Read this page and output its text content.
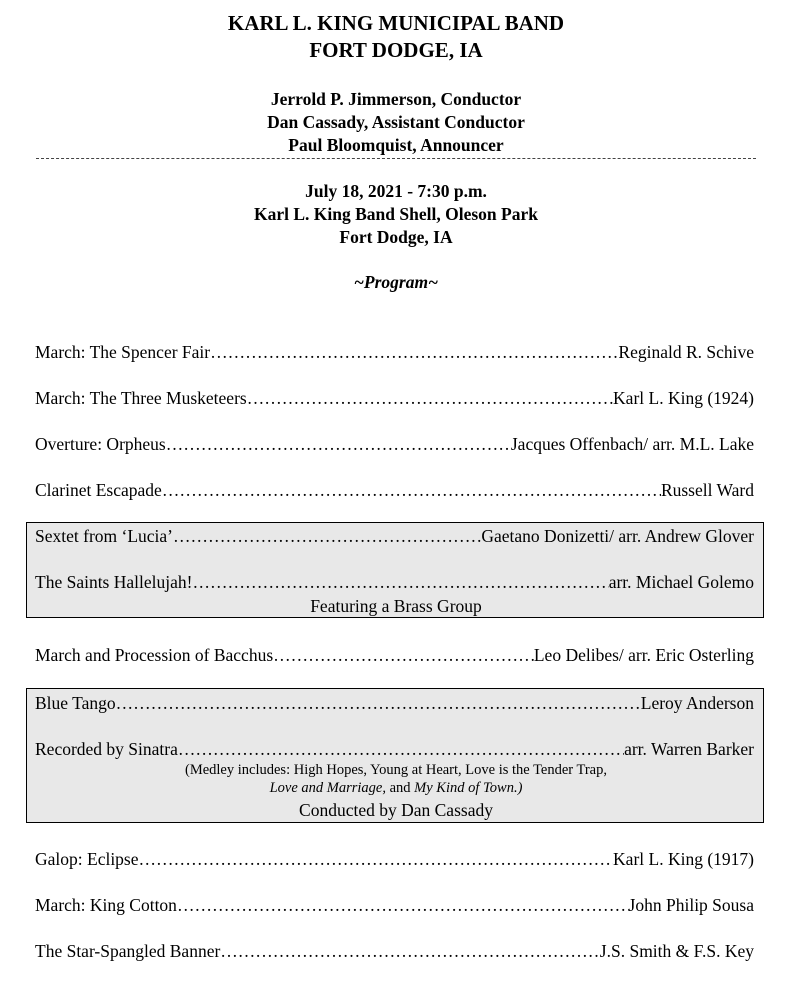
KARL L. KING MUNICIPAL BAND
FORT DODGE, IA
Jerrold P. Jimmerson, Conductor
Dan Cassady, Assistant Conductor
Paul Bloomquist, Announcer
July 18, 2021 - 7:30 p.m.
Karl L. King Band Shell, Oleson Park
Fort Dodge, IA
~Program~
March: The Spencer Fair ……………………………………………………………………………………………………………………………	Reginald R. Schive
March: The Three Musketeers ……………………………………………………………………………………………………………………………	Karl L. King (1924)
Overture: Orpheus ……………………………………………………………………………………………………………………………	Jacques Offenbach/ arr. M.L. Lake
Clarinet Escapade ……………………………………………………………………………………………………………………………	Russell Ward
Sextet from ‘Lucia’ ……………………………………………………………………………………………………………………………	Gaetano Donizetti/ arr. Andrew Glover
The Saints Hallelujah! ……………………………………………………………………………………………………………………………	arr. Michael Golemo
March and Procession of Bacchus ……………………………………………………………………………………………………………………………	Leo Delibes/ arr. Eric Osterling
Blue Tango ……………………………………………………………………………………………………………………………	Leroy Anderson
Recorded by Sinatra ……………………………………………………………………………………………………………………………	arr. Warren Barker
Galop: Eclipse ……………………………………………………………………………………………………………………………	Karl L. King (1917)
March: King Cotton ……………………………………………………………………………………………………………………………	John Philip Sousa
The Star-Spangled Banner ……………………………………………………………………………………………………………………………	J.S. Smith & F.S. Key
Featuring a Brass Group
(Medley includes: High Hopes, Young at Heart, Love is the Tender Trap,
Love and Marriage, and My Kind of Town.)
Conducted by Dan Cassady
